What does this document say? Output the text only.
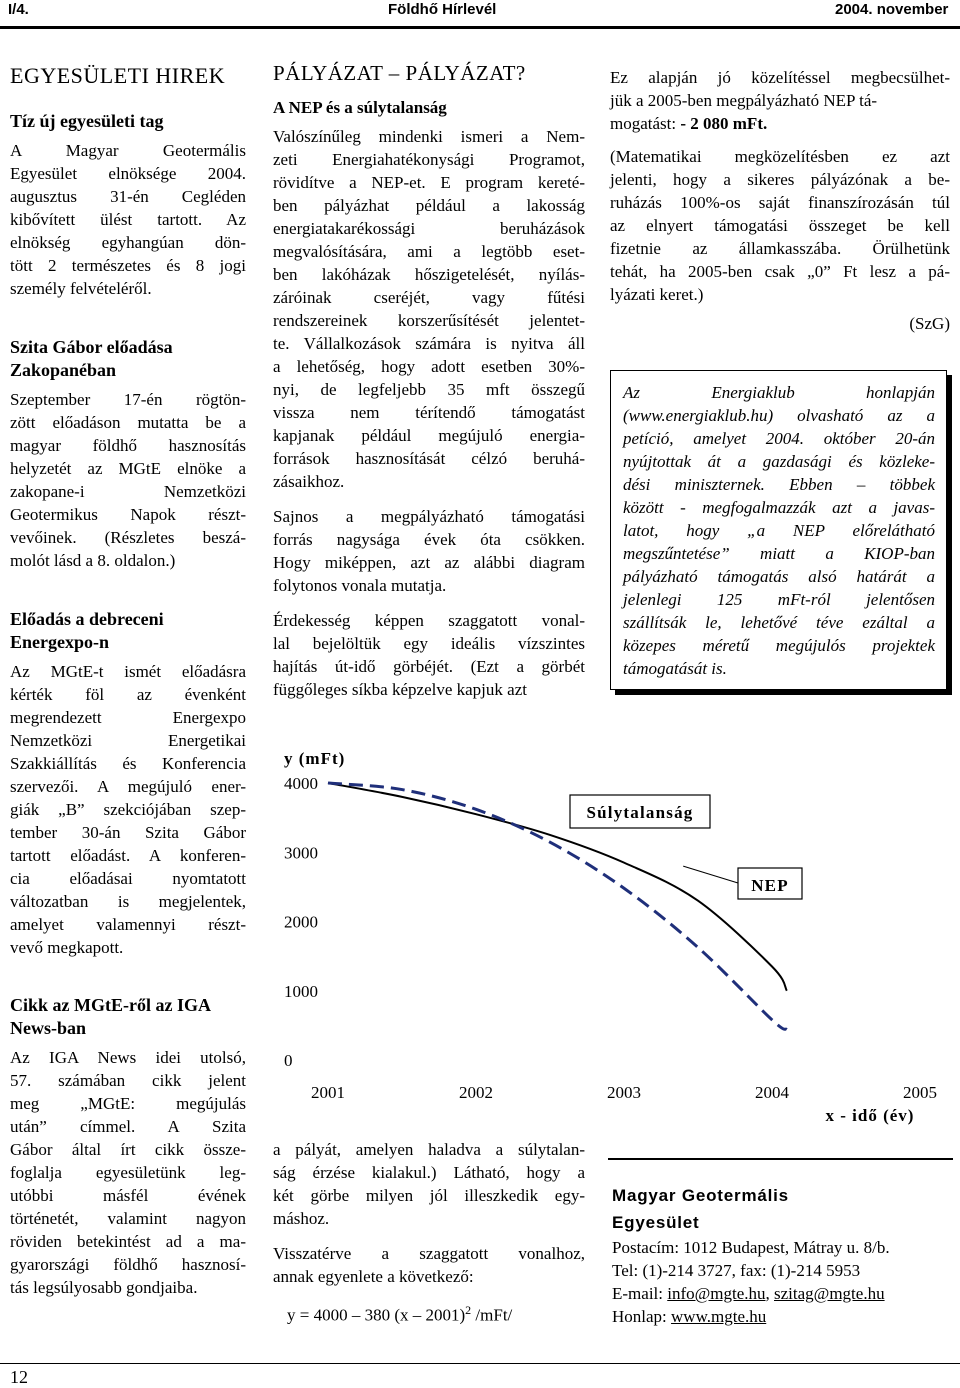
I/4.	Földhő Hírlevél	2004. november
EGYESÜLETI HIREK
Tíz új egyesületi tag
A Magyar Geotermális
Egyesület elnöksége 2004.
augusztus 31-én Cegléden
kibővített ülést tartott. Az
elnökség egyhangúan dön-
tött 2 természetes és 8 jogi
személy felvételéről.
Szita Gábor előadása
Zakopanéban
Szeptember 17-én rögtön-
zött előadáson mutatta be a
magyar földhő hasznosítás
helyzetét az MGtE elnöke a
zakopane-i Nemzetközi
Geotermikus Napok részt-
vevőinek. (Részletes beszá-
molót lásd a 8. oldalon.)
Előadás a debreceni
Energexpo-n
Az MGtE-t ismét előadásra
kérték föl az évenként
megrendezett Energexpo
Nemzetközi Energetikai
Szakkiállítás és Konferencia
szervezői. A megújuló ener-
giák „B” szekciójában szep-
tember 30-án Szita Gábor
tartott előadást. A konferen-
cia előadásai nyomtatott
változatban is megjelentek,
amelyet valamennyi részt-
vevő megkapott.
Cikk az MGtE-ről az IGA
News-ban
Az IGA News idei utolsó,
57. számában cikk jelent
meg „MGtE: megújulás
után” címmel. A Szita
Gábor által írt cikk össze-
foglalja egyesületünk leg-
utóbbi másfél évének
történetét, valamint nagyon
röviden betekintést ad a ma-
gyarországi földhő hasznosí-
tás legsúlyosabb gondjaiba.
PÁLYÁZAT – PÁLYÁZAT?
A NEP és a súlytalanság
Valószínűleg mindenki ismeri a Nem-
zeti Energiahatékonysági Programot,
rövidítve a NEP-et. E program kereté-
ben pályázhat például a lakosság
energiatakarékossági beruházások
megvalósítására, ami a legtöbb eset-
ben lakóházak hőszigetelését, nyílás-
záróinak cseréjét, vagy fűtési
rendszereinek korszerűsítését jelentet-
te. Vállalkozások számára is nyitva áll
a lehetőség, hogy adott esetben 30%-
nyi, de legfeljebb 35 mft összegű
vissza nem térítendő támogatást
kapjanak például megújuló energia-
források hasznosítását célzó beruhá-
zásaikhoz.
Sajnos a megpályázható támogatási
forrás nagysága évek óta csökken.
Hogy miképpen, azt az alábbi diagram
folytonos vonala mutatja.
Érdekesség képpen szaggatott vonal-
lal bejelöltük egy ideális vízszintes
hajítás út-idő görbéjét. (Ezt a görbét
függőleges síkba képzelve kapjuk azt
y (mFt)
4000
3000
2000
1000
0
2001	2002	2003	2004	2005
x - idő (év)
Súlytalanság
NEP
a pályát, amelyen haladva a súlytalan-
ság érzése kialakul.) Látható, hogy a
két görbe milyen jól illeszkedik egy-
máshoz.
Visszatérve a szaggatott vonalhoz,
annak egyenlete a következő:
y = 4000 – 380 (x – 2001)$^2$ /mFt/
Ez alapján jó közelítéssel megbecsülhet-
jük a 2005-ben megpályázható NEP tá-
mogatást: - 2 080 mFt.
(Matematikai megközelítésben ez azt
jelenti, hogy a sikeres pályázónak a be-
ruházás 100%-os saját finanszírozásán túl
az elnyert támogatási összeget be kell
fizetnie az államkasszába. Örülhetünk
tehát, ha 2005-ben csak „0” Ft lesz a pá-
lyázati keret.)
(SzG)
Az Energiaklub honlapján
(www.energiaklub.hu) olvasható az a
petíció, amelyet 2004. október 20-án
nyújtottak át a gazdasági és közleke-
dési miniszternek. Ebben – többek
között - megfogalmazzák azt a javas-
latot, hogy „a NEP előrelátható
megszűntetése” miatt a KIOP-ban
pályázható támogatás alsó határát a
jelenlegi 125 mFt-ról jelentősen
szállítsák le, lehetővé téve ezáltal a
közepes méretű megújulós projektek
támogatását is.
Magyar Geotermális
Egyesület
Postacím: 1012 Budapest, Mátray u. 8/b.
Tel: (1)-214 3727, fax: (1)-214 5953
E-mail: info@mgte.hu, szitag@mgte.hu
Honlap: www.mgte.hu
12
